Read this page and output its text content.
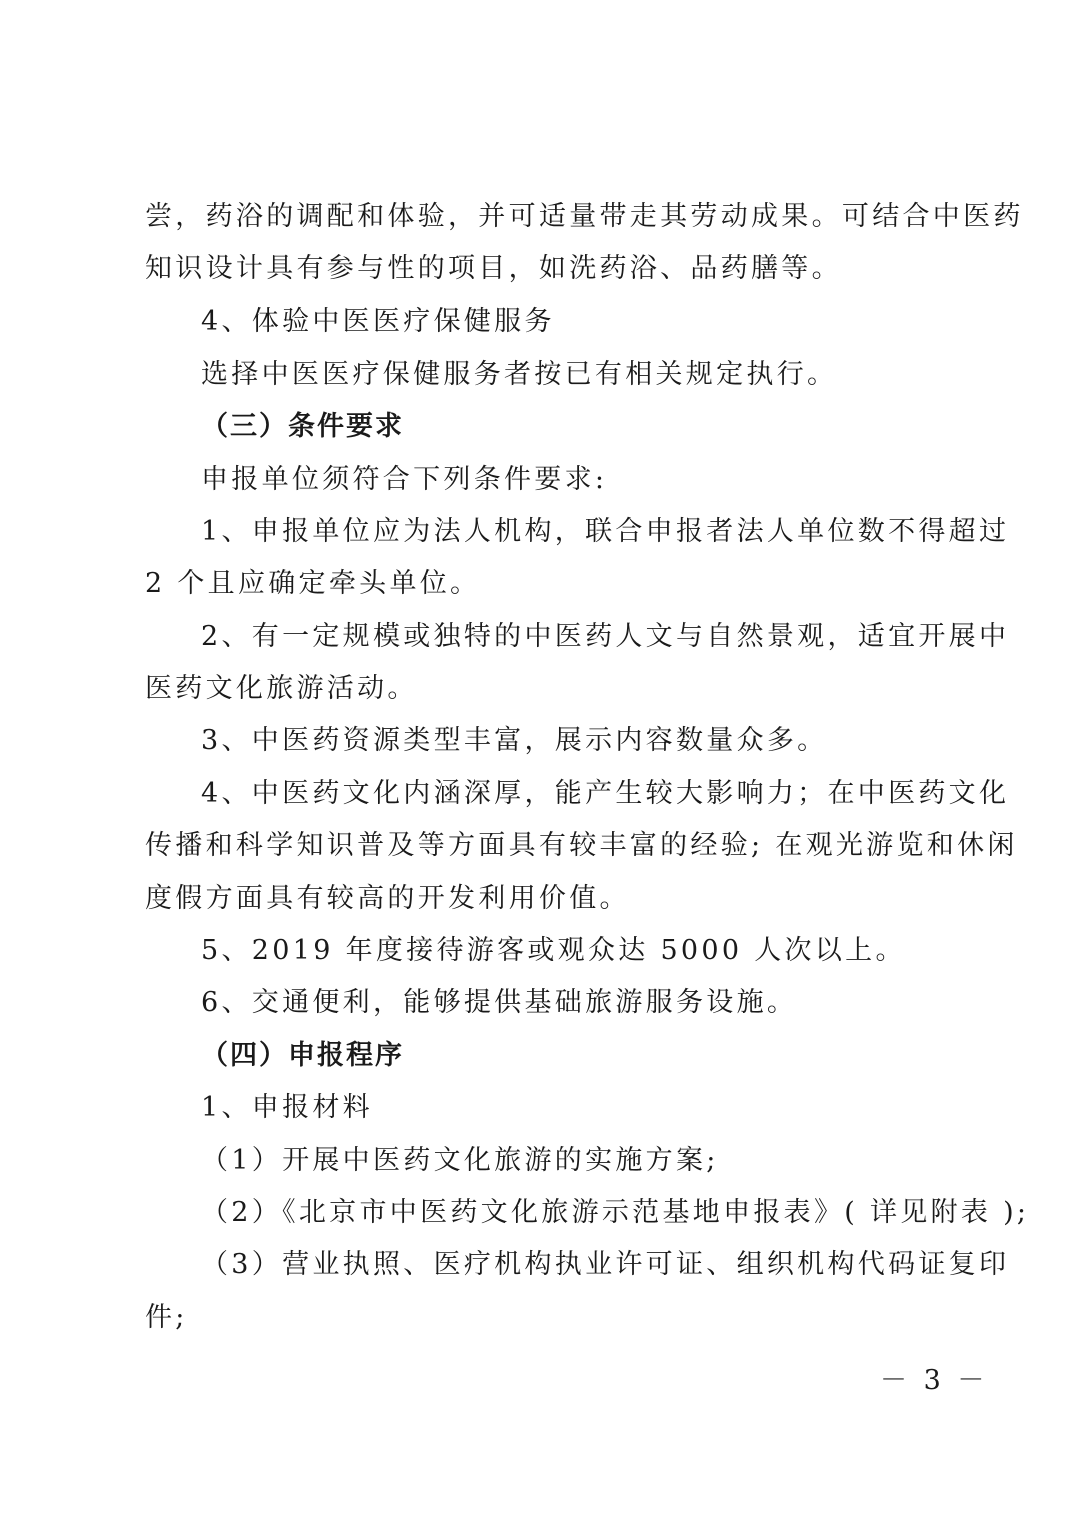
尝，药浴的调配和体验，并可适量带走其劳动成果。可结合中医药
知识设计具有参与性的项目，如洗药浴、品药膳等。
4、体验中医医疗保健服务
选择中医医疗保健服务者按已有相关规定执行。
（三）条件要求
申报单位须符合下列条件要求:
1、申报单位应为法人机构，联合申报者法人单位数不得超过
2 个且应确定牵头单位。
2、有一定规模或独特的中医药人文与自然景观，适宜开展中
医药文化旅游活动。
3、中医药资源类型丰富，展示内容数量众多。
4、中医药文化内涵深厚，能产生较大影响力；在中医药文化
传播和科学知识普及等方面具有较丰富的经验; 在观光游览和休闲
度假方面具有较高的开发利用价值。
5、2019 年度接待游客或观众达 5000 人次以上。
6、交通便利，能够提供基础旅游服务设施。
（四）申报程序
1、申报材料
（1）开展中医药文化旅游的实施方案;
（2）《北京市中医药文化旅游示范基地申报表》( 详见附表 );
（3）营业执照、医疗机构执业许可证、组织机构代码证复印
件;
－ 3 －
